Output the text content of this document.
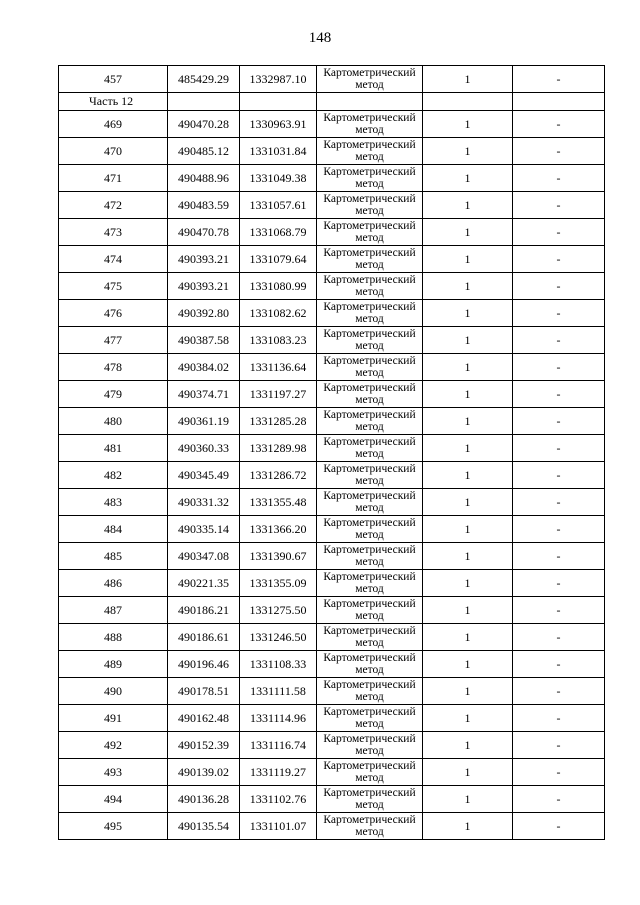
148
457	485429.29	1332987.10	Картометрический метод	1	-
Часть 12					
469	490470.28	1330963.91	Картометрический метод	1	-
470	490485.12	1331031.84	Картометрический метод	1	-
471	490488.96	1331049.38	Картометрический метод	1	-
472	490483.59	1331057.61	Картометрический метод	1	-
473	490470.78	1331068.79	Картометрический метод	1	-
474	490393.21	1331079.64	Картометрический метод	1	-
475	490393.21	1331080.99	Картометрический метод	1	-
476	490392.80	1331082.62	Картометрический метод	1	-
477	490387.58	1331083.23	Картометрический метод	1	-
478	490384.02	1331136.64	Картометрический метод	1	-
479	490374.71	1331197.27	Картометрический метод	1	-
480	490361.19	1331285.28	Картометрический метод	1	-
481	490360.33	1331289.98	Картометрический метод	1	-
482	490345.49	1331286.72	Картометрический метод	1	-
483	490331.32	1331355.48	Картометрический метод	1	-
484	490335.14	1331366.20	Картометрический метод	1	-
485	490347.08	1331390.67	Картометрический метод	1	-
486	490221.35	1331355.09	Картометрический метод	1	-
487	490186.21	1331275.50	Картометрический метод	1	-
488	490186.61	1331246.50	Картометрический метод	1	-
489	490196.46	1331108.33	Картометрический метод	1	-
490	490178.51	1331111.58	Картометрический метод	1	-
491	490162.48	1331114.96	Картометрический метод	1	-
492	490152.39	1331116.74	Картометрический метод	1	-
493	490139.02	1331119.27	Картометрический метод	1	-
494	490136.28	1331102.76	Картометрический метод	1	-
495	490135.54	1331101.07	Картометрический метод	1	-
